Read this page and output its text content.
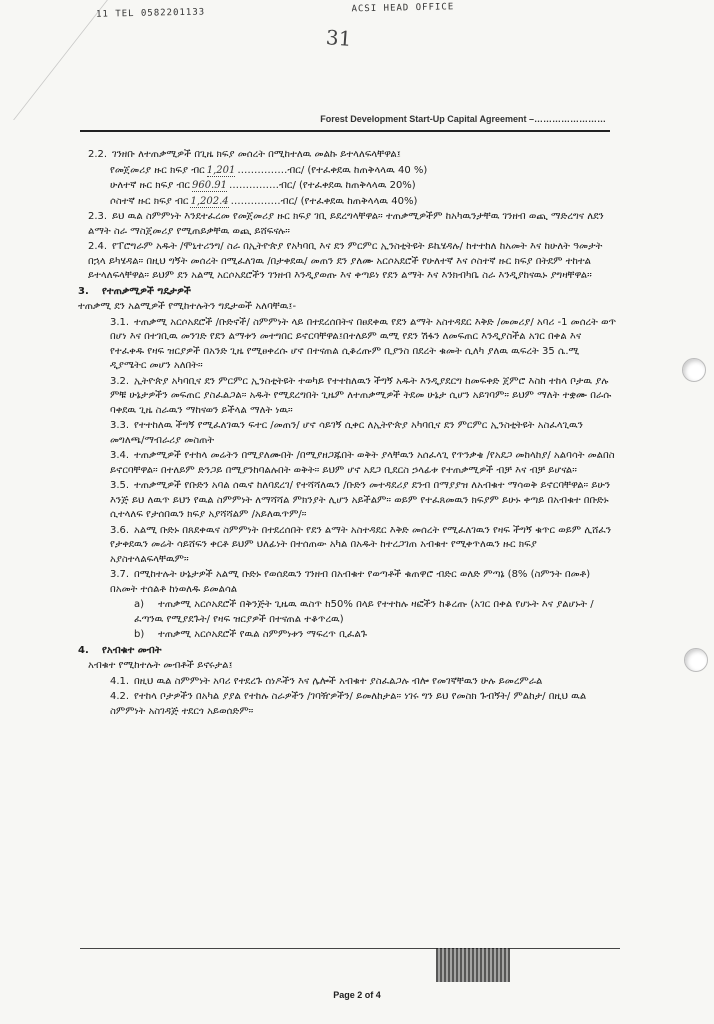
11 TEL 0582201133	ACSI HEAD OFFICE
31
Forest Development Start-Up Capital Agreement –……………………

2.2. ገንዘቡ ለተጠቃሚዎች በጊዜ ክፍያ መሰረት በሚከተለዉ መልኩ ይተላለፍላቸዋል፤

የመጀመሪያ ዙር ክፍያ ብር 1,201 ……………ብር/ (የተፈቀደዉ ከጠቅላላዉ 40 %)

ሁለተኛ ዙር ክፍያ ብር 960.91 ……………ብር/ (የተፈቀደዉ ከጠቅላላዉ 20%)

ሶስተኛ ዙር ክፍያ ብር 1,202.4 ……………ብር/ (የተፈቀደዉ ከጠቅላላዉ 40%)

2.3. ይህ ዉል ስምምነት እንደተፈረመ የመጀመሪያ ዙር ክፍያ ገቢ ይደረግላቸዋል። ተጠቃሚዎችም ከአካዉንታቸዉ ገንዘብ ወጪ ማድረግና ለደን ልማት ስራ ማስጀመሪያ የሚጠይቃቸዉ ወጪ ይሸፍናሉ።

2.4. የፐሮግራም አዱት /ሞኒተሪንግ/ ስራ በኢትዮጵያ የአካባቢ እና ደን ምርምር ኢንስቲትዩት ይኬሄዳሉ/ ከተተከለ ከአመት እና ከሁለት ዓመታት በኋላ ይካሄዳል። በዚህ ግኝት መሰረት በሚፈለገዉ /በታቀደዉ/ መጠን ደን ያለሙ አርሶአደሮች የሁለተኛ እና ሶስተኛ ዙር ክፍያ በትደም ተከተል ይተላለፍላቸዋል። ይህም ደን አልሚ አርሶአደሮችን ገንዘብ እንዲያወጡ እና ቀጣይነ የደን ልማት እና እንክብካቤ ስራ እንዲያከናዉኑ ያግዛቸዋል።

3. የተጠቃሚዎች ግዴታዎች

ተጠቃሚ ደን አልሚዎች የሚከተሉትን ግዴታወች አለባቸዉ፤-

3.1. ተጠቃሚ አርሶአደሮች /ቡድኖች/ ስምምነት ላይ በተደረሰበትና በፀደቀዉ የደን ልማት አስተዳደር እቅድ /መመሪያ/ አባሪ -1 መሰረት ወጥ በሆነ እና በተገቢዉ መንገድ የደን ልማቱን መተግበር ይኖርባቸዋል፤በተለይም ዉሚ የደን ሽፋን ለመፍጠር እንዲያስችል አገር በቀል እና የተፈቀዱ የዛፍ ዝርያዎች በአንድ ጊዜ የሚፀቀረሱ ሆኖ በተናጠል ሲቆረጡም ቢያንስ በደረት ቁመት ሲለካ ያለዉ ዉፍረት 35 ሴ.ሚ ዲያሜትር መሆን አለበት።

3.2. ኢትዮጵያ አካባቢና ደን ምርምር ኢንስቲትዩት ተወካይ የተተከለዉን ችግኝ አዱት እንዲያደርግ ከመፍቀድ ጀምሮ እስከ ተከላ ቦታዉ ያሉ ምቹ ሁኔታዎችን መፍጠር ያስፈልጋል። አዱት የሚደረግበት ጊዜም ለተጠቃሚዎች ትደመ ሁኔታ ሲሆን አይገባም። ይህም ማለት ተቋሙ በራሱ ባቀደዉ ጊዜ ስራዉን ማከናወን ይችላል ማለት ነዉ።

3.3. የተተከለዉ ችግኝ የሚፈለገዉን ፍተር /መጠን/ ሆኖ ሳይገኝ ሲቀር ለኢትዮጵያ አካባቢና ደን ምርምር ኢንስቲትዩት አስፈላጊዉን መግለጫ/ማብራሪያ መስጠት

3.4. ተጠቃሚዎች የተከላ መሬትን በሚያለሙበት /በሚያዘጋጁበት ወቅት ያላቸዉን አሰፈላጊ የጥንቃቄ /የአደጋ መከላከያ/ አልባሳት መልበስ ይኖርባቸዋል። በተለይም ድንጋይ በሚያንከባልሉበት ወቅት። ይህም ሆኖ አደጋ ቢደርስ ኃላፊቱ የተጠቃሚዎች ብቻ እና ብቻ ይሆናል።

3.5. ተጠቃሚዎች የቡድን አባል ሰዉኖ ከለባደረገ/ የተሻሻለዉን /ቡድን መተዳደሪያ ደንብ በማያያዝ ለአብቁተ ማሳወቅ ይኖርባቸዋል። ይሁን እንጅ ይህ ለዉጥ ይህን የዉል ስምምነት ለማሻሻል ምክንያት ሊሆን አይችልም። ወይም የተፈጸመዉን ክፍያም ይሁኑ ቀጣይ በአብቁተ በቡድኑ ሲተላለፍ የታሰበዉን ክፍያ አያሻሻልም /አይለዉጥም/።

3.6. አልሚ ቡድኑ በጸደቀዉና ስምምነት በተደረሰበት የደን ልማት አስተዳደር እቅድ መሰረት የሚፈለገዉን የዛፍ ችግኝ ቁጥር ወይም ሊሸፈን የታቀደዉን መሬት ሳይሸፍን ቀርቶ ይህም ህለፊነት በተሰጠው አካል በአዱት ከተረጋገጠ አብቁተ የሚቀጥለዉን ዙር ክፍያ አያስተላልፍላቸዉም።

3.7. በሚከተሉት ሁኔታዎች አልሚ ቡድኑ የወሰደዉን ገንዘብ በአብቁተ የወጣቶች ቁጠዋሮ ብድር ወለድ ምጣኔ (8% (ስምንት በመቶ) በአመት ተሰልቶ ከነወለዱ ይመልሳል

a) ተጠቃሚ አርሶአደሮች በቅንጅት ጊዜዉ ዉስጥ ከ50% በላይ የተተከሉ ዛፎችን ከቆረጡ (አገር በቀል የሆኑት እና ያልሆኑት /ፈጣንዉ የሚያደጉት/ የዛፍ ዝርያዎች በተናጠል ተቆጥረዉ)

b) ተጠቃሚ አርሶአደሮች የዉል ስምምነቱን ማፍረጥ ቢፈልጉ

4. የአብቁተ መብት

አብቁተ የሚከተሉት መብቶች ይኖሩታል፤

4.1. በዚህ ዉል ስምምነት አባሪ የተደረጉ ሰነዶችን እና ሌሎች አብቁተ ያስፈልጋሉ ብሎ የመገኛቸዉን ሁሉ ይመረምራል

4.2. የተከላ ቦታዎችን በአካል ያያል የተከሉ ስራዎችን /ገባዥዎችን/ ይመለከታል። ነገሩ ግን ይህ የመስክ ጉብኝት/ ምልከታ/ በዚህ ዉል ስምምነት አስገዳጅ ተደርጎ አይወሰድም።

Page 2 of 4
